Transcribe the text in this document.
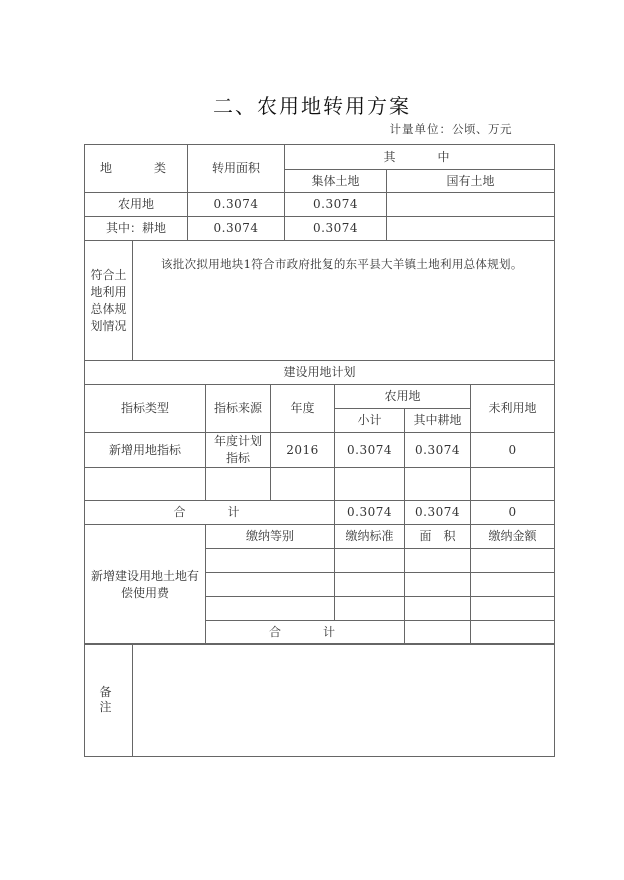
二、农用地转用方案
计量单位：公顷、万元
地　　类		转用面积	其　　中	
			集体土地	国有土地
农用地		0.3074	0.3074	
其中：耕地		0.3074	0.3074	
符合土地利用总体规划情况	该批次拟用地块1符合市政府批复的东平县大羊镇土地利用总体规划。			
建设用地计划					
指标类型	指标来源	年度	农用地		未利用地
			小计	其中耕地	
新增用地指标	年度计划指标	2016	0.3074	0.3074	0

合　　计			0.3074	0.3074	0
新增建设用地土地有偿使用费	缴纳等别		缴纳标准	面　积	缴纳金额

	合　　计				
备　注	
